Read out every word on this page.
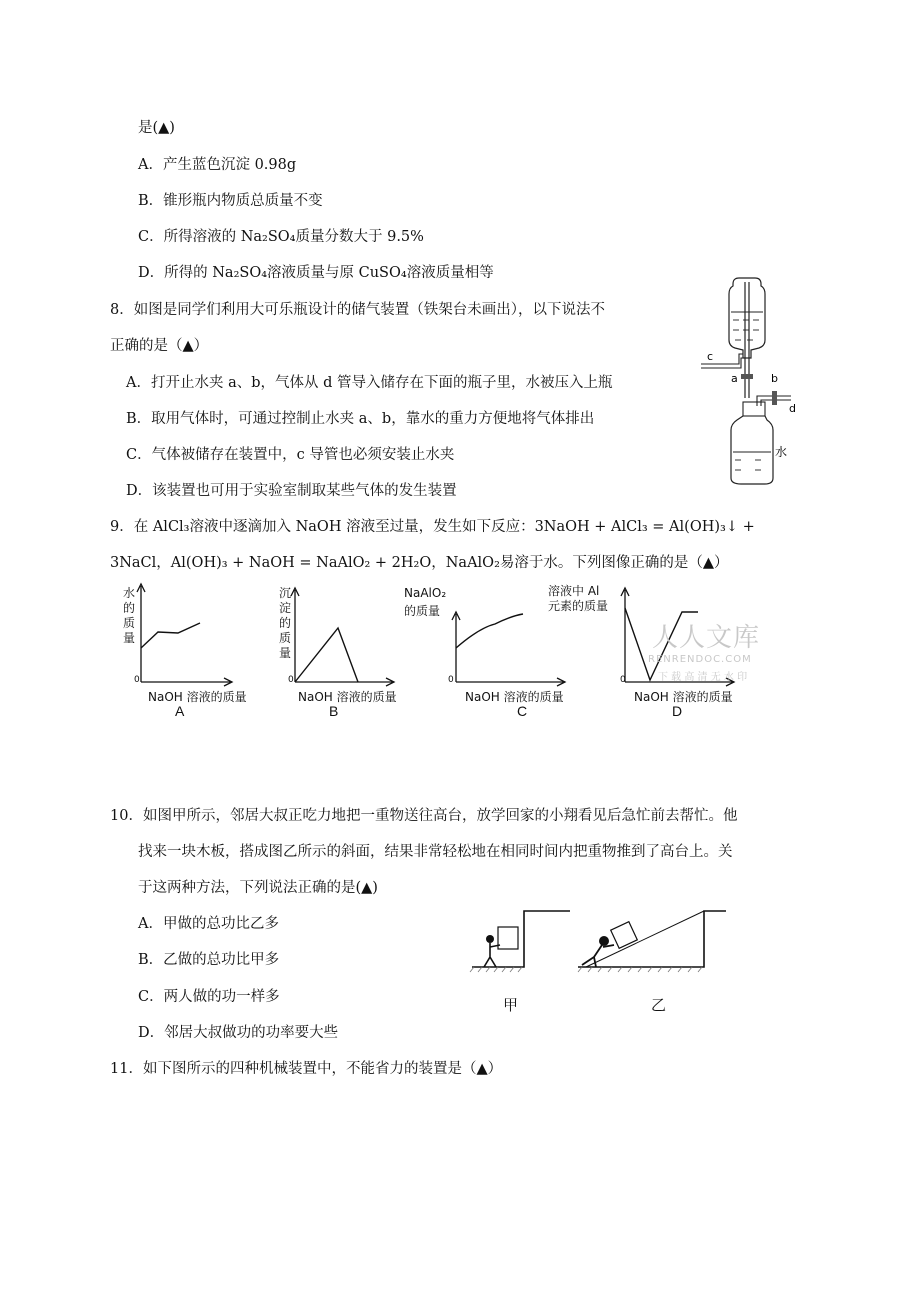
是(▲)
A．产生蓝色沉淀 0.98g
B．锥形瓶内物质总质量不变
C．所得溶液的 Na₂SO₄质量分数大于 9.5%
D．所得的 Na₂SO₄溶液质量与原 CuSO₄溶液质量相等
8．如图是同学们利用大可乐瓶设计的储气装置（铁架台未画出），以下说法不
正确的是（▲）
A．打开止水夹 a、b，气体从 d 管导入储存在下面的瓶子里，水被压入上瓶
B．取用气体时，可通过控制止水夹 a、b，靠水的重力方便地将气体排出
C．气体被储存在装置中，c 导管也必须安装止水夹
D．该装置也可用于实验室制取某些气体的发生装置
c
a	b
d
水
9．在 AlCl₃溶液中逐滴加入 NaOH 溶液至过量，发生如下反应：3NaOH + AlCl₃ = Al(OH)₃↓ +
3NaCl，Al(OH)₃ + NaOH = NaAlO₂ + 2H₂O，NaAlO₂易溶于水。下列图像正确的是（▲）
水的质量
0
NaOH 溶液的质量
A
沉淀的质量
0
NaOH 溶液的质量
B
NaAlO₂
的质量
0
NaOH 溶液的质量
C
溶液中 Al
元素的质量
0
NaOH 溶液的质量
D
人人文库
RENRENDOC.COM
下 载 高 清 无 水 印
10．如图甲所示，邻居大叔正吃力地把一重物送往高台，放学回家的小翔看见后急忙前去帮忙。他
找来一块木板，搭成图乙所示的斜面，结果非常轻松地在相同时间内把重物推到了高台上。关
于这两种方法，下列说法正确的是(▲)
A．甲做的总功比乙多
B．乙做的总功比甲多
C．两人做的功一样多
D．邻居大叔做功的功率要大些
甲	乙
11．如下图所示的四种机械装置中，不能省力的装置是（▲）
